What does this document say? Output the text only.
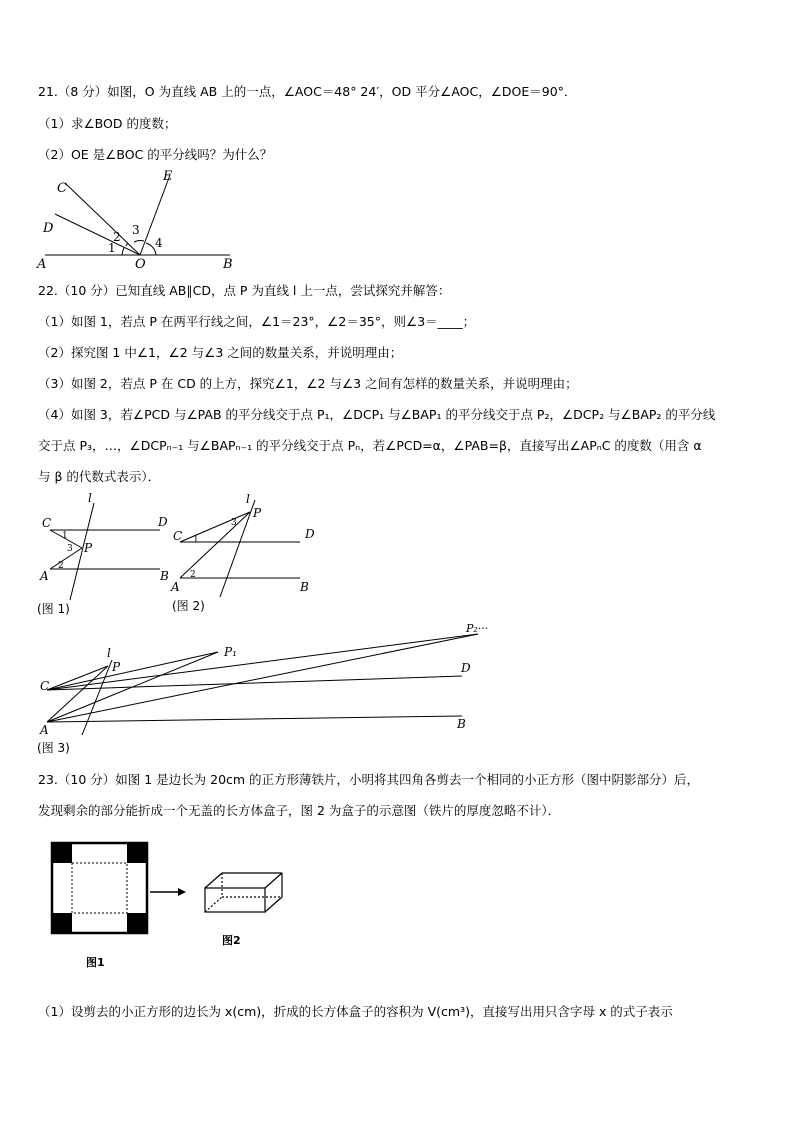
21.（8 分）如图，O 为直线 AB 上的一点，∠AOC＝48° 24′，OD 平分∠AOC，∠DOE＝90°．
（1）求∠BOD 的度数；
（2）OE 是∠BOC 的平分线吗？为什么？
C
D
E
A	O	B
1
2 3
4
22.（10 分）已知直线 AB∥CD，点 P 为直线 l 上一点，尝试探究并解答：
（1）如图 1，若点 P 在两平行线之间，∠1＝23°，∠2＝35°，则∠3＝____；
（2）探究图 1 中∠1，∠2 与∠3 之间的数量关系，并说明理由；
（3）如图 2，若点 P 在 CD 的上方，探究∠1，∠2 与∠3 之间有怎样的数量关系，并说明理由；
（4）如图 3，若∠PCD 与∠PAB 的平分线交于点 P₁，∠DCP₁ 与∠BAP₁ 的平分线交于点 P₂，∠DCP₂ 与∠BAP₂ 的平分线
交于点 P₃，…，∠DCPₙ₋₁ 与∠BAPₙ₋₁ 的平分线交于点 Pₙ，若∠PCD=α，∠PAB=β，直接写出∠APₙC 的度数（用含 α
与 β 的代数式表示）．
l
C	D
P
A	B
1
2
3
(图 1)
l
P
C	D
A	B
1
2
3
(图 2)
l
P
P₁
P₂···
C
D
A	B
(图 3)
23.（10 分）如图 1 是边长为 20cm 的正方形薄铁片，小明将其四角各剪去一个相同的小正方形（图中阴影部分）后，
发现剩余的部分能折成一个无盖的长方体盒子，图 2 为盒子的示意图（铁片的厚度忽略不计）．
图2
图1
（1）设剪去的小正方形的边长为 x(cm)，折成的长方体盒子的容积为 V(cm³)，直接写出用只含字母 x 的式子表示
